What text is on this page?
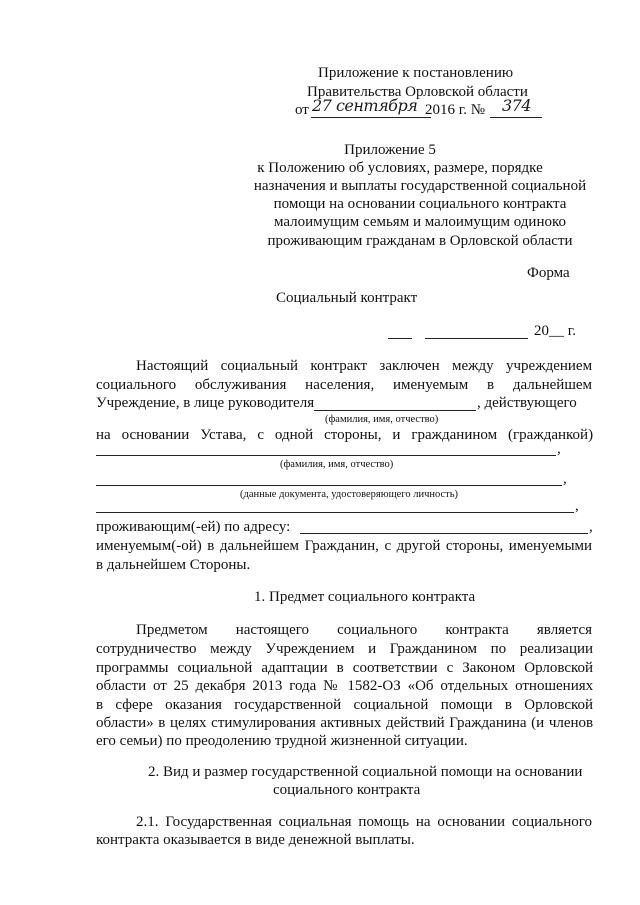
Приложение к постановлению
Правительства Орловской области
от 27 сентября 2016 г. № 374
Приложение 5
к Положению об условиях, размере, порядке
назначения и выплаты государственной социальной
помощи на основании социального контракта
малоимущим семьям и малоимущим одиноко
проживающим гражданам в Орловской области
Форма
Социальный контракт
20__ г.
Настоящий социальный контракт заключен между учреждением
социального обслуживания населения, именуемым в дальнейшем
Учреждение, в лице руководителя	, действующего
(фамилия, имя, отчество)
на основании Устава, с одной стороны, и гражданином (гражданкой)
,
(фамилия, имя, отчество)
,
(данные документа, удостоверяющего личность)
,
проживающим(-ей) по адресу:	,
именуемым(-ой) в дальнейшем Гражданин, с другой стороны, именуемыми
в дальнейшем Стороны.
1. Предмет социального контракта
Предметом настоящего социального контракта является
сотрудничество между Учреждением и Гражданином по реализации
программы социальной адаптации в соответствии с Законом Орловской
области от 25 декабря 2013 года № 1582-ОЗ «Об отдельных отношениях
в сфере оказания государственной социальной помощи в Орловской
области» в целях стимулирования активных действий Гражданина (и членов
его семьи) по преодолению трудной жизненной ситуации.
2. Вид и размер государственной социальной помощи на основании
социального контракта
2.1. Государственная социальная помощь на основании социального
контракта оказывается в виде денежной выплаты.
